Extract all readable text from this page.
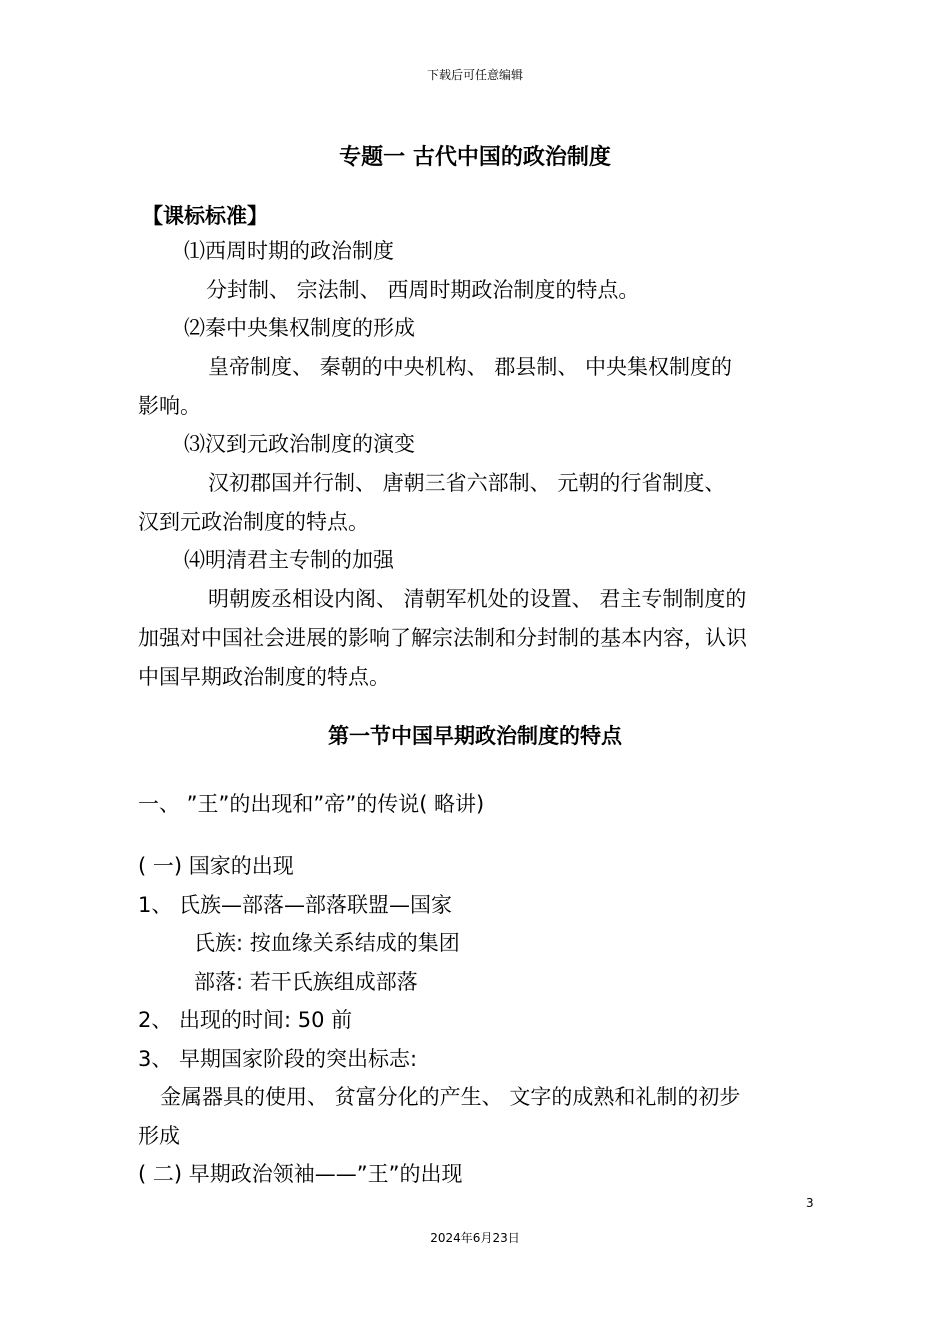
下载后可任意编辑
专题一 古代中国的政治制度
【课标标准】
⑴西周时期的政治制度
分封制、 宗法制、 西周时期政治制度的特点。
⑵秦中央集权制度的形成
皇帝制度、 秦朝的中央机构、 郡县制、 中央集权制度的
影响。
⑶汉到元政治制度的演变
汉初郡国并行制、 唐朝三省六部制、 元朝的行省制度、
汉到元政治制度的特点。
⑷明清君主专制的加强
明朝废丞相设内阁、 清朝军机处的设置、 君主专制制度的
加强对中国社会进展的影响了解宗法制和分封制的基本内容，认识
中国早期政治制度的特点。
第一节中国早期政治制度的特点
一、 ”王”的出现和”帝”的传说( 略讲)
( 一) 国家的出现
1、 氏族—部落—部落联盟—国家
氏族: 按血缘关系结成的集团
部落: 若干氏族组成部落
2、 出现的时间: 50 前
3、 早期国家阶段的突出标志:
金属器具的使用、 贫富分化的产生、 文字的成熟和礼制的初步
形成
( 二) 早期政治领袖——”王”的出现
3
2024年6月23日
